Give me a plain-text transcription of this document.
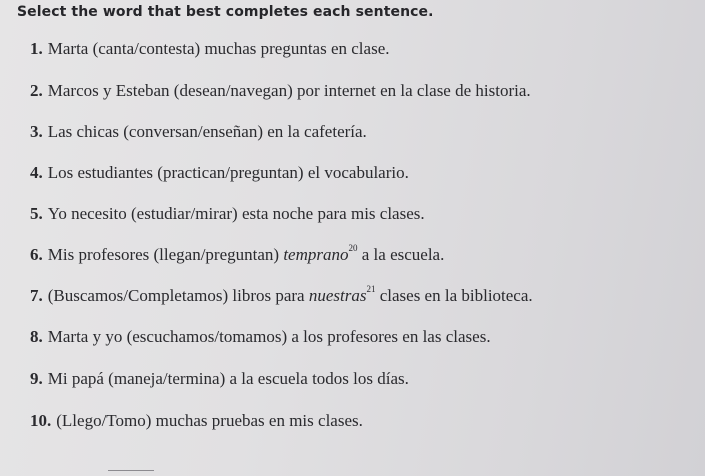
Select the word that best completes each sentence.
1. Marta (canta/contesta) muchas preguntas en clase.
2. Marcos y Esteban (desean/navegan) por internet en la clase de historia.
3. Las chicas (conversan/enseñan) en la cafetería.
4. Los estudiantes (practican/preguntan) el vocabulario.
5. Yo necesito (estudiar/mirar) esta noche para mis clases.
6. Mis profesores (llegan/preguntan) temprano$^{20}$ a la escuela.
7. (Buscamos/Completamos) libros para nuestras$^{21}$ clases en la biblioteca.
8. Marta y yo (escuchamos/tomamos) a los profesores en las clases.
9. Mi papá (maneja/termina) a la escuela todos los días.
10. (Llego/Tomo) muchas pruebas en mis clases.
